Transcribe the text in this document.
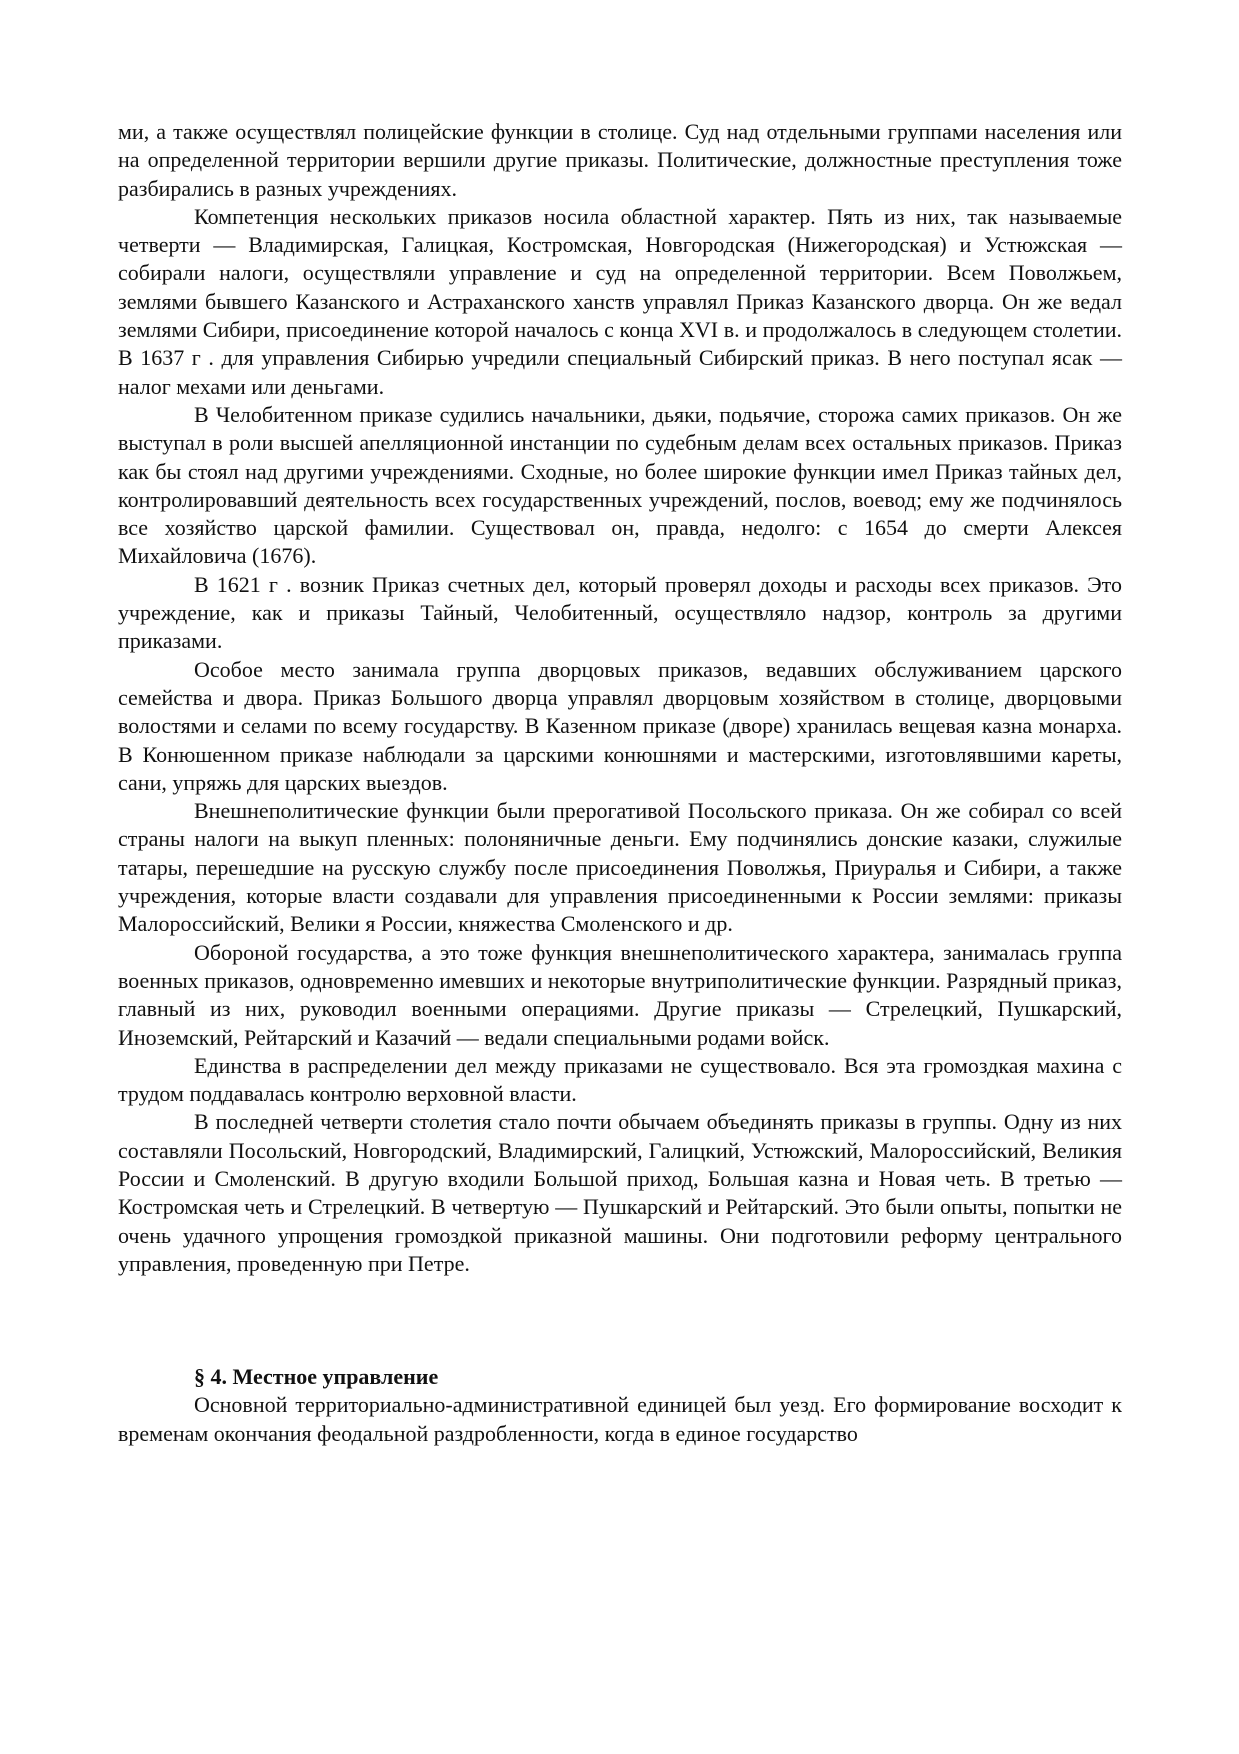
ми, а также осуществлял полицейские функции в столице. Суд над отдельными группами населения или на определенной территории вершили другие приказы. Политические, должностные преступления тоже разбирались в разных учреждениях.

Компетенция нескольких приказов носила областной характер. Пять из них, так называемые четверти — Владимирская, Галицкая, Костромская, Новгородская (Нижегородская) и Устюжская — собирали налоги, осуществляли управление и суд на определенной территории. Всем Поволжьем, землями бывшего Казанского и Астраханского ханств управлял Приказ Казанского дворца. Он же ведал землями Сибири, присоединение которой началось с конца XVI в. и продолжалось в следующем столетии. В 1637 г . для управления Сибирью учредили специальный Сибирский приказ. В него поступал ясак — налог мехами или деньгами.

В Челобитенном приказе судились начальники, дьяки, подьячие, сторожа самих приказов. Он же выступал в роли высшей апелляционной инстанции по судебным делам всех остальных приказов. Приказ как бы стоял над другими учреждениями. Сходные, но более широкие функции имел Приказ тайных дел, контролировавший деятельность всех государственных учреждений, послов, воевод; ему же подчинялось все хозяйство царской фамилии. Существовал он, правда, недолго: с 1654 до смерти Алексея Михайловича (1676).

В 1621 г . возник Приказ счетных дел, который проверял доходы и расходы всех приказов. Это учреждение, как и приказы Тайный, Челобитенный, осуществляло надзор, контроль за другими приказами.

Особое место занимала группа дворцовых приказов, ведавших обслуживанием царского семейства и двора. Приказ Большого дворца управлял дворцовым хозяйством в столице, дворцовыми волостями и селами по всему государству. В Казенном приказе (дворе) хранилась вещевая казна монарха. В Конюшенном приказе наблюдали за царскими конюшнями и мастерскими, изготовлявшими кареты, сани, упряжь для царских выездов.

Внешнеполитические функции были прерогативой Посольского приказа. Он же собирал со всей страны налоги на выкуп пленных: полоняничные деньги. Ему подчинялись донские казаки, служилые татары, перешедшие на русскую службу после присоединения Поволжья, Приуралья и Сибири, а также учреждения, которые власти создавали для управления присоединенными к России землями: приказы Малороссийский, Велики я России, княжества Смоленского и др.

Обороной государства, а это тоже функция внешнеполитического характера, занималась группа военных приказов, одновременно имевших и некоторые внутриполитические функции. Разрядный приказ, главный из них, руководил военными операциями. Другие приказы — Стрелецкий, Пушкарский, Иноземский, Рейтарский и Казачий — ведали специальными родами войск.

Единства в распределении дел между приказами не существовало. Вся эта громоздкая махина с трудом поддавалась контролю верховной власти.

В последней четверти столетия стало почти обычаем объединять приказы в группы. Одну из них составляли Посольский, Новгородский, Владимирский, Галицкий, Устюжский, Малороссийский, Великия России и Смоленский. В другую входили Большой приход, Большая казна и Новая четь. В третью — Костромская четь и Стрелецкий. В четвертую — Пушкарский и Рейтарский. Это были опыты, попытки не очень удачного упрощения громоздкой приказной машины. Они подготовили реформу центрального управления, проведенную при Петре.

§ 4. Местное управление

Основной территориально-административной единицей был уезд. Его формирование восходит к временам окончания феодальной раздробленности, когда в единое государство
